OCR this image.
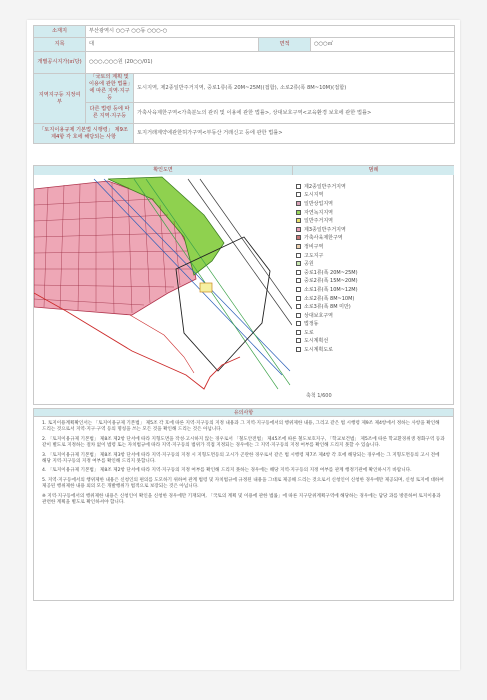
소재지	부산광역시 ○○구 ○○동 ○○○-○			
지목	대		면적	○○○㎡
개별공시지가(㎡당)	○○○,○○○원 (20○○/01)			
지역지구등 지정여부	「국토의 계획 및 이용에 관한 법률」에 따른 지역·지구등	도시지역, 제2종일반주거지역, 중로1류(폭 20M~25M)(접합), 소로2류(폭 8M~10M)(접합)		
	다른 법령 등에 따른 지역·지구등	가축사육제한구역<가축분뇨의 관리 및 이용에 관한 법률>, 상대보호구역<교육환경 보호에 관한 법률>		
「토지이용규제 기본법 시행령」 제9조 제4항 각 호에 해당되는 사항		토지거래계약에관한허가구역<부동산 거래신고 등에 관한 법률>		
확인도면	범례
제2종일반주거지역
도시지역
일반상업지역
자연녹지지역
일반주거지역
제3종일반주거지역
가축사육제한구역
정비구역
고도지구
공원
중로1류(폭 20M~25M)
중로2류(폭 15M~20M)
소로1류(폭 10M~12M)
소로2류(폭 8M~10M)
소로3류(폭 8M 미만)
상대보호구역
법정동
도로
도시계획선
도시계획도로
축척 1/600
유의사항
1. 토지이용계획확인서는 「토지이용규제 기본법」 제5조 각 호에 따른 지역·지구등의 지정 내용과 그 지역·지구등에서의 행위제한 내용, 그리고 같은 법 시행령 제9조 제4항에서 정하는 사항을 확인해 드리는 것으로서 지역·지구·구역 등의 명칭을 쓰는 모든 것을 확인해 드리는 것은 아닙니다.
2. 「토지이용규제 기본법」 제8조 제2항 단서에 따라 지형도면을 작성·고시하지 않는 경우로서 「철도안전법」 제45조에 따른 철도보호지구, 「학교보건법」 제5조에 따른 학교환경위생 정화구역 등과 같이 별도로 지정하는 절차 없이 법령 또는 자치법규에 따라 지역·지구등의 범위가 직접 지정되는 경우에는 그 지역·지구등의 지정 여부를 확인해 드리지 못할 수 있습니다.
3. 「토지이용규제 기본법」 제8조 제3항 단서에 따라 지역·지구등의 지정 시 지형도면등의 고시가 곤란한 경우로서 같은 법 시행령 제7조 제4항 각 호에 해당되는 경우에는 그 지형도면등의 고시 전에 해당 지역·지구등의 지정 여부를 확인해 드리지 못합니다.
4. 「토지이용규제 기본법」 제8조 제2항 단서에 따라 지역·지구등의 지정 여부를 확인해 드리지 못하는 경우에는 해당 지역·지구등의 지정 여부를 관계 행정기관에 확인하시기 바랍니다.
5. 지역·지구등에서의 행위제한 내용은 신청인의 편의를 도모하기 위하여 관계 법령 및 자치법규에 규정된 내용을 그대로 제공해 드리는 것으로서 신청인이 신청한 경우에만 제공되며, 신청 토지에 대하여 제공된 행위제한 내용 외의 모든 개발행위가 법적으로 보장되는 것은 아닙니다.
※ 지역·지구등에서의 행위제한 내용은 신청인이 확인을 신청한 경우에만 기재되며, 「국토의 계획 및 이용에 관한 법률」에 따른 지구단위계획구역에 해당하는 경우에는 담당 과를 방문하여 토지이용과 관련한 계획을 별도로 확인하셔야 합니다.
